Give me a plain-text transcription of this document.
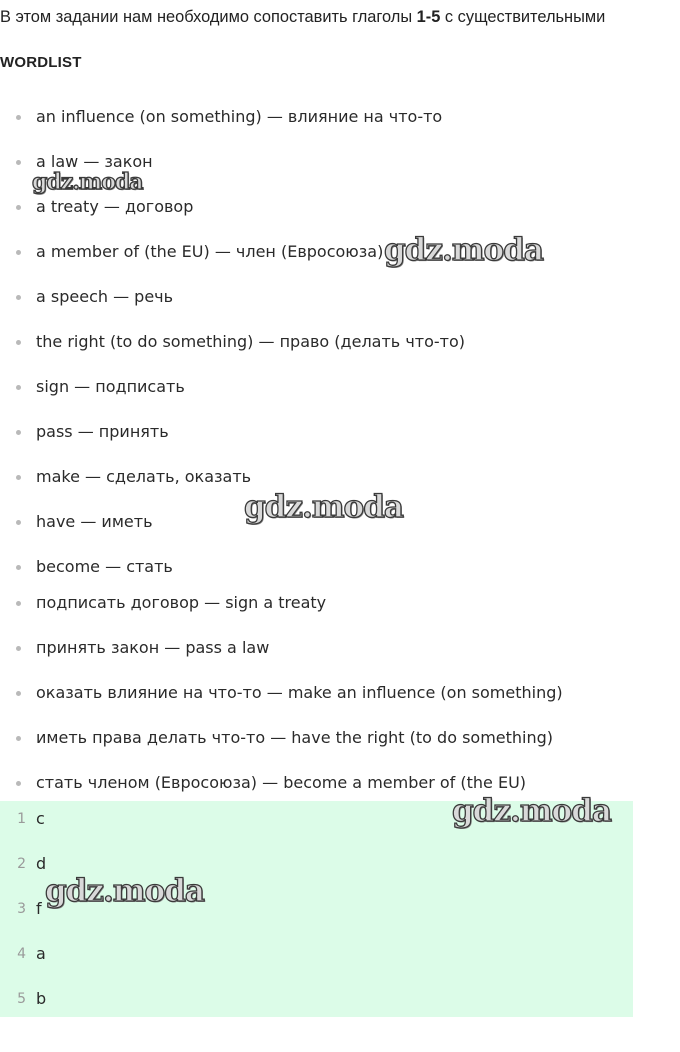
В этом задании нам необходимо сопоставить глаголы 1-5 с существительными
WORDLIST
an influence (on something) — влияние на что-то
a law — закон
a treaty — договор
a member of (the EU) — член (Евросоюза)
a speech — речь
the right (to do something) — право (делать что-то)
sign — подписать
pass — принять
make — сделать, оказать
have — иметь
become — стать
подписать договор — sign a treaty
принять закон — pass a law
оказать влияние на что-то — make an influence (on something)
иметь права делать что-то — have the right (to do something)
стать членом (Евросоюза) — become a member of (the EU)
1 c
2 d
3 f
4 a
5 b
gdz.moda
gdz.moda
gdz.moda
gdz.moda
gdz.moda
